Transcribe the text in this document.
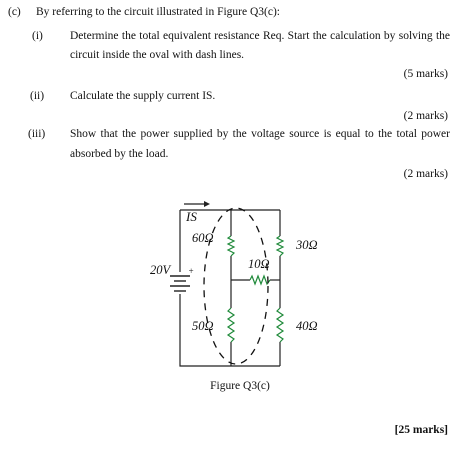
(c) By referring to the circuit illustrated in Figure Q3(c):
(i) Determine the total equivalent resistance Req. Start the calculation by solving the
circuit inside the oval with dash lines.
(5 marks)
(ii) Calculate the supply current IS.
(2 marks)
(iii) Show that the power supplied by the voltage source is equal to the total power
absorbed by the load.
(2 marks)
IS
60Ω	30Ω
10Ω
50Ω	40Ω
20V +
Figure Q3(c)
[25 marks]
